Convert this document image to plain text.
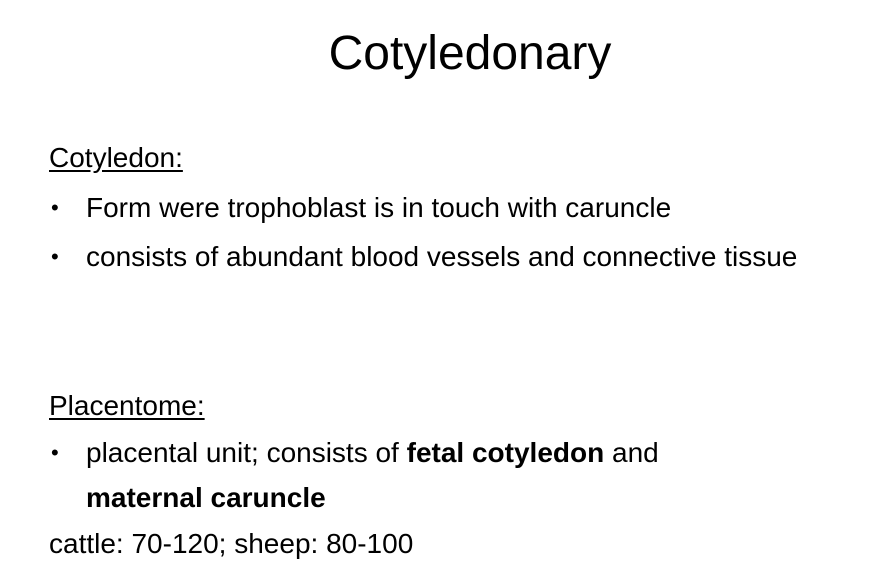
Cotyledonary
Cotyledon:
• Form were trophoblast is in touch with caruncle
• consists of abundant blood vessels and connective tissue
Placentome:
• placental unit; consists of fetal cotyledon and
maternal caruncle
cattle: 70-120; sheep: 80-100
